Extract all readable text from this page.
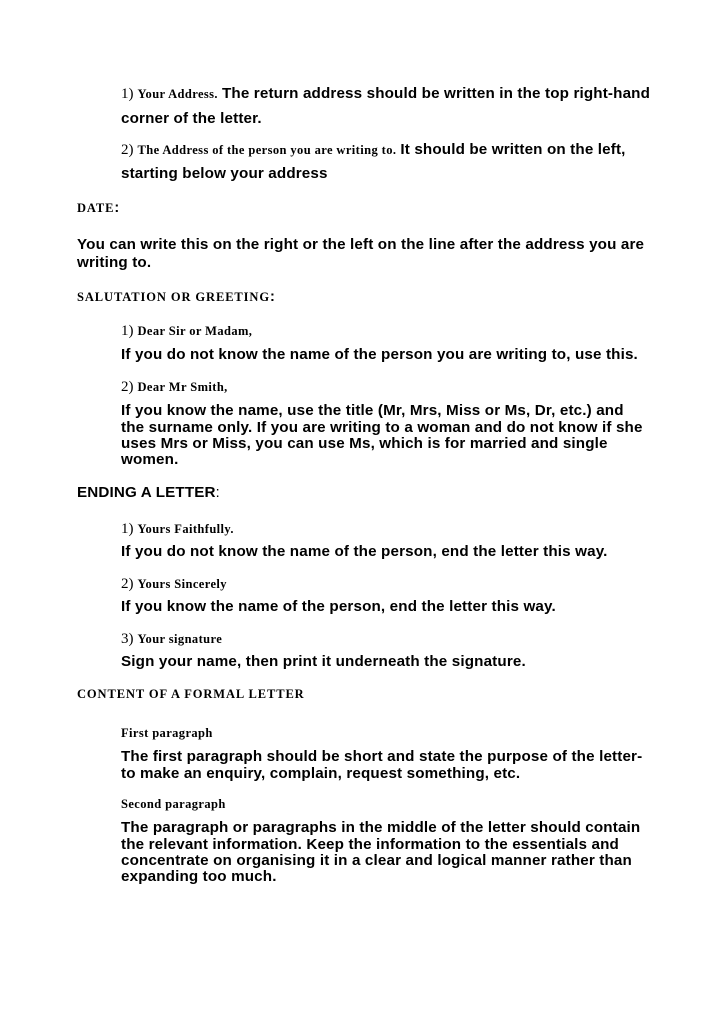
1) Your Address. The return address should be written in the top right-hand
corner of the letter.
2) The Address of the person you are writing to. It should be written on the left,
starting below your address
DATE:
You can write this on the right or the left on the line after the address you are
writing to.
SALUTATION OR GREETING:
1) Dear Sir or Madam,
If you do not know the name of the person you are writing to, use this.
2) Dear Mr Smith,
If you know the name, use the title (Mr, Mrs, Miss or Ms, Dr, etc.) and
the surname only. If you are writing to a woman and do not know if she
uses Mrs or Miss, you can use Ms, which is for married and single
women.
ENDING A LETTER:
1) Yours Faithfully.
If you do not know the name of the person, end the letter this way.
2) Yours Sincerely
If you know the name of the person, end the letter this way.
3) Your signature
Sign your name, then print it underneath the signature.
CONTENT OF A FORMAL LETTER
First paragraph
The first paragraph should be short and state the purpose of the letter-
to make an enquiry, complain, request something, etc.
Second paragraph
The paragraph or paragraphs in the middle of the letter should contain
the relevant information. Keep the information to the essentials and
concentrate on organising it in a clear and logical manner rather than
expanding too much.
